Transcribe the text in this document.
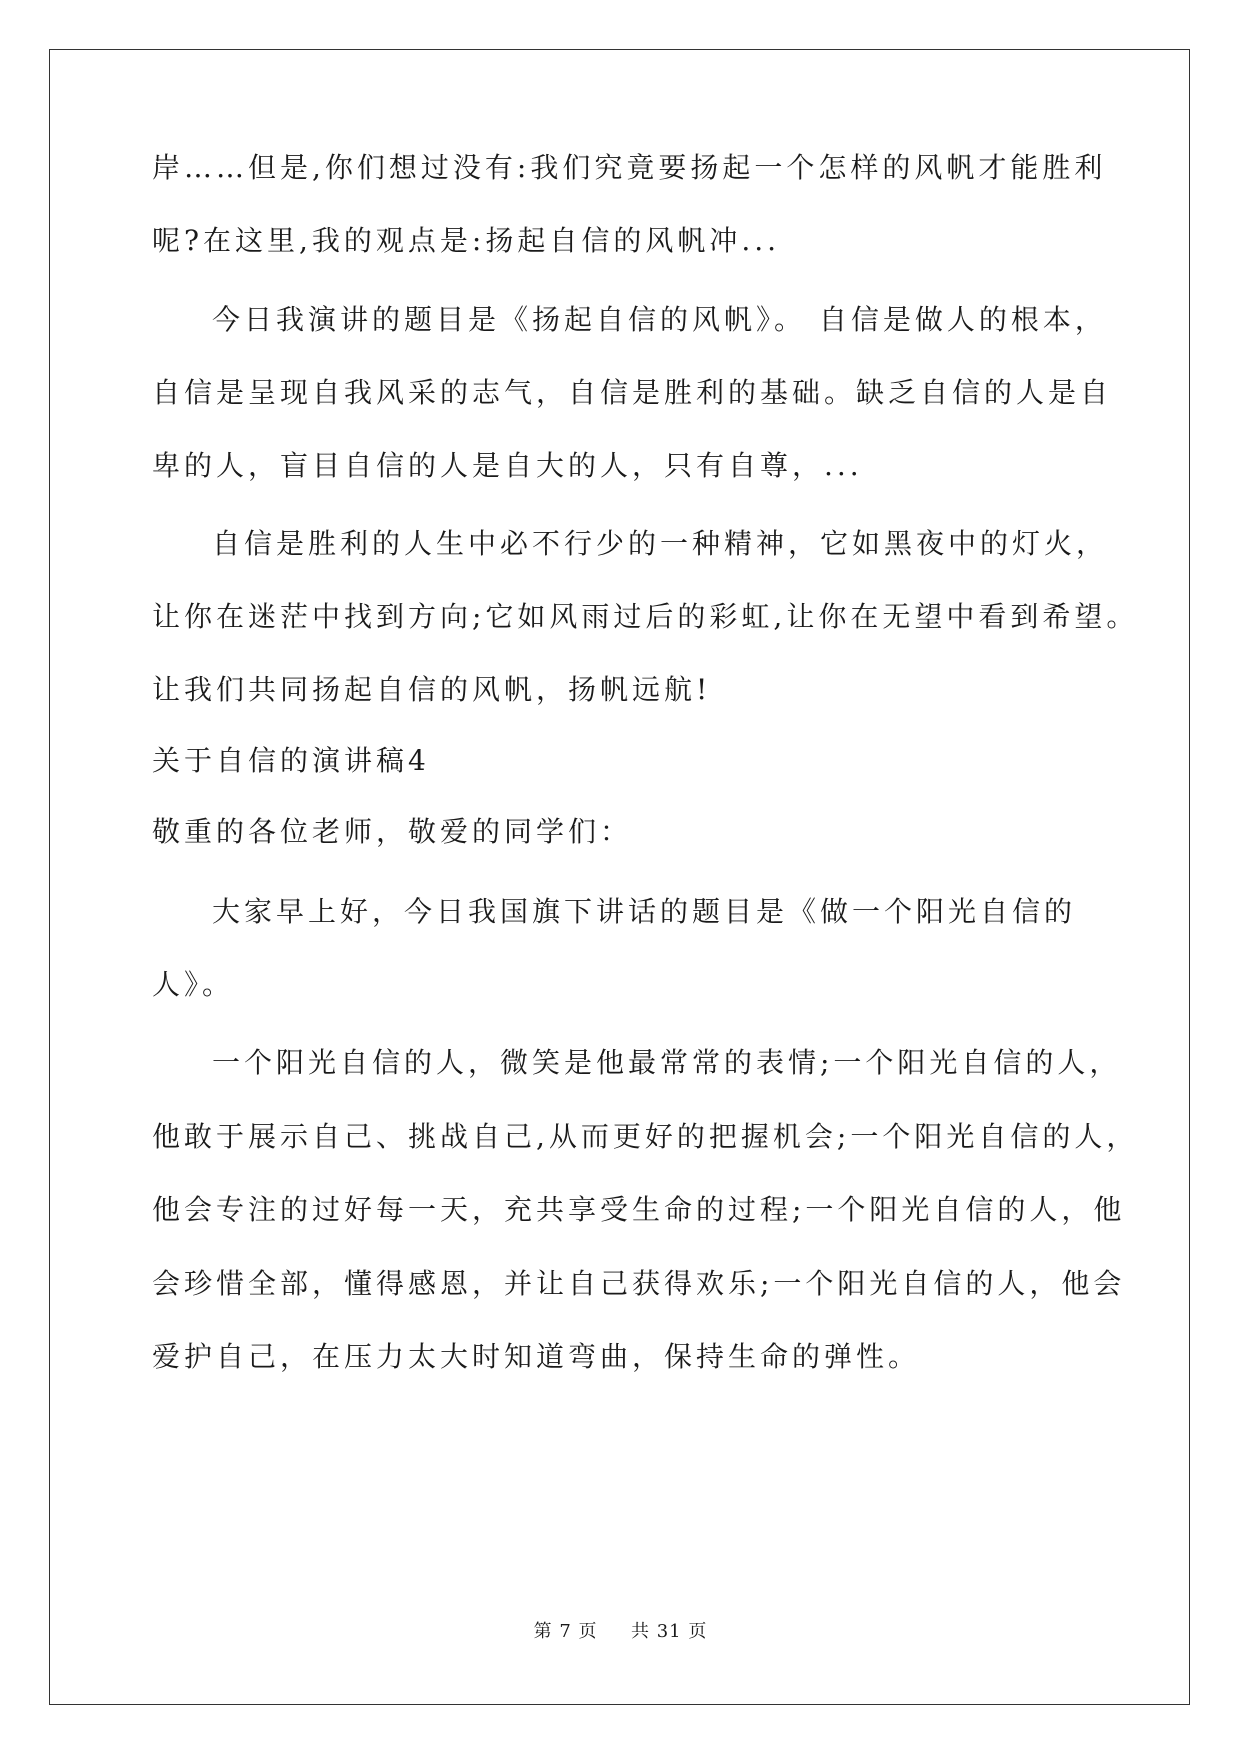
岸……但是,你们想过没有:我们究竟要扬起一个怎样的风帆才能胜利
呢?在这里,我的观点是:扬起自信的风帆冲...
今日我演讲的题目是《扬起自信的风帆》。 自信是做人的根本，
自信是呈现自我风采的志气，自信是胜利的基础。缺乏自信的人是自
卑的人，盲目自信的人是自大的人，只有自尊，...
自信是胜利的人生中必不行少的一种精神，它如黑夜中的灯火，
让你在迷茫中找到方向;它如风雨过后的彩虹,让你在无望中看到希望。
让我们共同扬起自信的风帆，扬帆远航!
关于自信的演讲稿4
敬重的各位老师，敬爱的同学们：
大家早上好，今日我国旗下讲话的题目是《做一个阳光自信的
人》。
一个阳光自信的人，微笑是他最常常的表情;一个阳光自信的人，
他敢于展示自己、挑战自己,从而更好的把握机会;一个阳光自信的人，
他会专注的过好每一天，充共享受生命的过程;一个阳光自信的人，他
会珍惜全部，懂得感恩，并让自己获得欢乐;一个阳光自信的人，他会
爱护自己，在压力太大时知道弯曲，保持生命的弹性。
第 7 页 共 31 页
